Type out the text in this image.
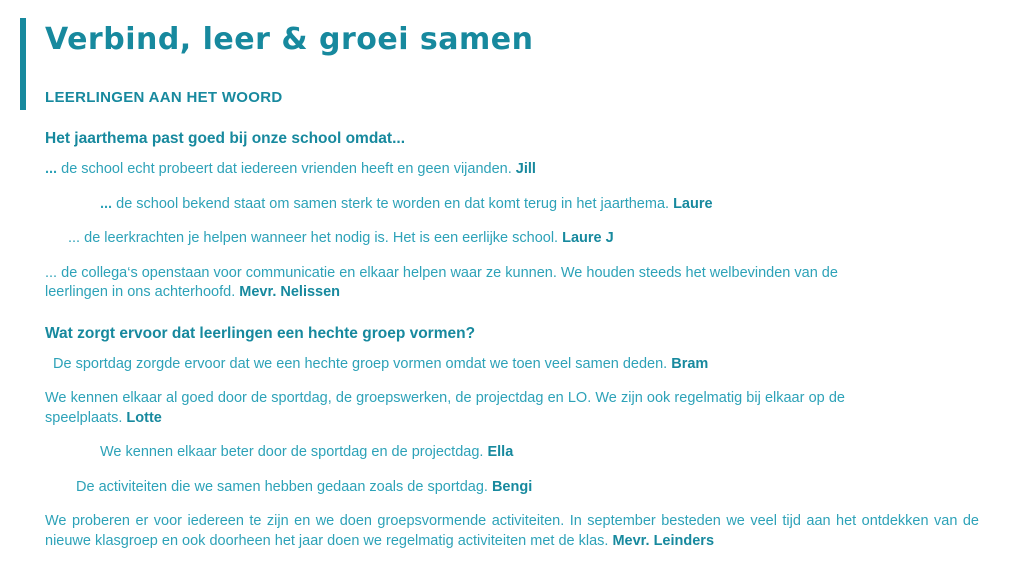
Verbind, leer & groei samen
LEERLINGEN AAN HET WOORD
Het jaarthema past goed bij onze school omdat...

... de school echt probeert dat iedereen vrienden heeft en geen vijanden. Jill

... de school bekend staat om samen sterk te worden en dat komt terug in het jaarthema. Laure

... de leerkrachten je helpen wanneer het nodig is. Het is een eerlijke school. Laure J

... de collega‘s openstaan voor communicatie en elkaar helpen waar ze kunnen. We houden steeds het welbevinden van de leerlingen in ons achterhoofd. Mevr. Nelissen

Wat zorgt ervoor dat leerlingen een hechte groep vormen?

De sportdag zorgde ervoor dat we een hechte groep vormen omdat we toen veel samen deden. Bram

We kennen elkaar al goed door de sportdag, de groepswerken, de projectdag en LO. We zijn ook regelmatig bij elkaar op de speelplaats. Lotte

We kennen elkaar beter door de sportdag en de projectdag. Ella

De activiteiten die we samen hebben gedaan zoals de sportdag. Bengi

We proberen er voor iedereen te zijn en we doen groepsvormende activiteiten. In september besteden we veel tijd aan het ontdekken van de nieuwe klasgroep en ook doorheen het jaar doen we regelmatig activiteiten met de klas. Mevr. Leinders
